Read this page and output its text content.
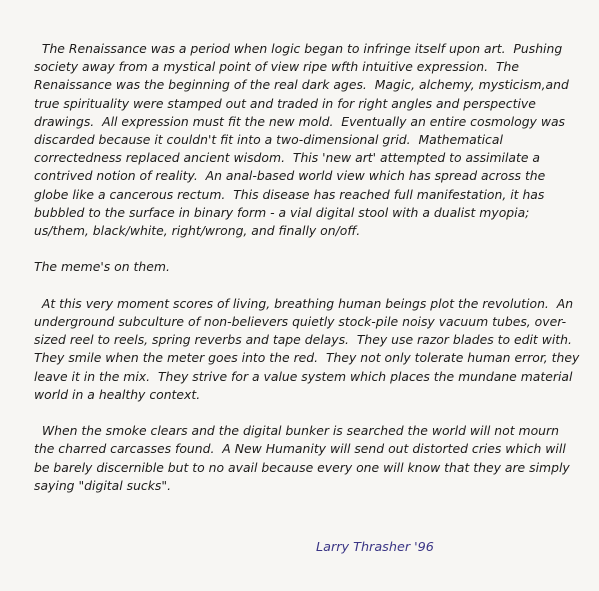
The Renaissance was a period when logic began to infringe itself upon art.  Pushing
society away from a mystical point of view ripe wfth intuitive expression.  The
Renaissance was the beginning of the real dark ages.  Magic, alchemy, mysticism,and
true spirituality were stamped out and traded in for right angles and perspective
drawings.  All expression must fit the new mold.  Eventually an entire cosmology was
discarded because it couldn't fit into a two-dimensional grid.  Mathematical
correctedness replaced ancient wisdom.  This 'new art' attempted to assimilate a
contrived notion of reality.  An anal-based world view which has spread across the
globe like a cancerous rectum.  This disease has reached full manifestation, it has
bubbled to the surface in binary form - a vial digital stool with a dualist myopia;
us/them, black/white, right/wrong, and finally on/off.
The meme's on them.
At this very moment scores of living, breathing human beings plot the revolution.  An
underground subculture of non-believers quietly stock-pile noisy vacuum tubes, over-
sized reel to reels, spring reverbs and tape delays.  They use razor blades to edit with.
They smile when the meter goes into the red.  They not only tolerate human error, they
leave it in the mix.  They strive for a value system which places the mundane material
world in a healthy context.
When the smoke clears and the digital bunker is searched the world will not mourn
the charred carcasses found.  A New Humanity will send out distorted cries which will
be barely discernible but to no avail because every one will know that they are simply
saying "digital sucks".
Larry Thrasher '96
